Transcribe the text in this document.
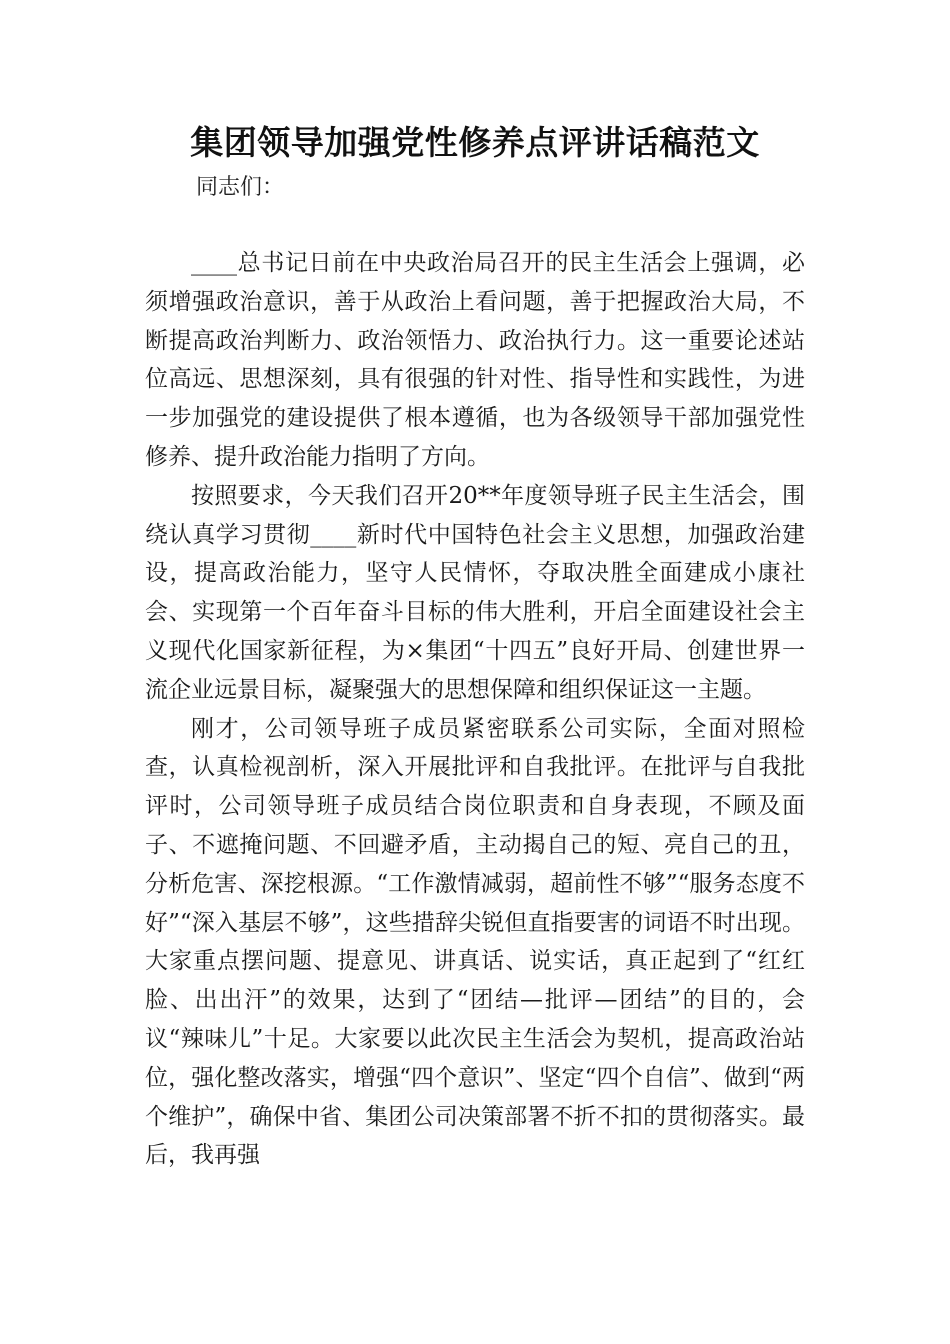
集团领导加强党性修养点评讲话稿范文
同志们：

____总书记日前在中央政治局召开的民主生活会上强调，必须增强政治意识，善于从政治上看问题，善于把握政治大局，不断提高政治判断力、政治领悟力、政治执行力。这一重要论述站位高远、思想深刻，具有很强的针对性、指导性和实践性，为进一步加强党的建设提供了根本遵循，也为各级领导干部加强党性修养、提升政治能力指明了方向。

按照要求，今天我们召开20**年度领导班子民主生活会，围绕认真学习贯彻____新时代中国特色社会主义思想，加强政治建设，提高政治能力，坚守人民情怀，夺取决胜全面建成小康社会、实现第一个百年奋斗目标的伟大胜利，开启全面建设社会主义现代化国家新征程，为×集团“十四五”良好开局、创建世界一流企业远景目标，凝聚强大的思想保障和组织保证这一主题。

刚才，公司领导班子成员紧密联系公司实际，全面对照检查，认真检视剖析，深入开展批评和自我批评。在批评与自我批评时，公司领导班子成员结合岗位职责和自身表现，不顾及面子、不遮掩问题、不回避矛盾，主动揭自己的短、亮自己的丑，分析危害、深挖根源。“工作激情减弱，超前性不够”“服务态度不好”“深入基层不够”，这些措辞尖锐但直指要害的词语不时出现。大家重点摆问题、提意见、讲真话、说实话，真正起到了“红红脸、出出汗”的效果，达到了“团结—批评—团结”的目的，会议“辣味儿”十足。大家要以此次民主生活会为契机，提高政治站位，强化整改落实，增强“四个意识”、坚定“四个自信”、做到“两个维护”，确保中省、集团公司决策部署不折不扣的贯彻落实。最后，我再强
